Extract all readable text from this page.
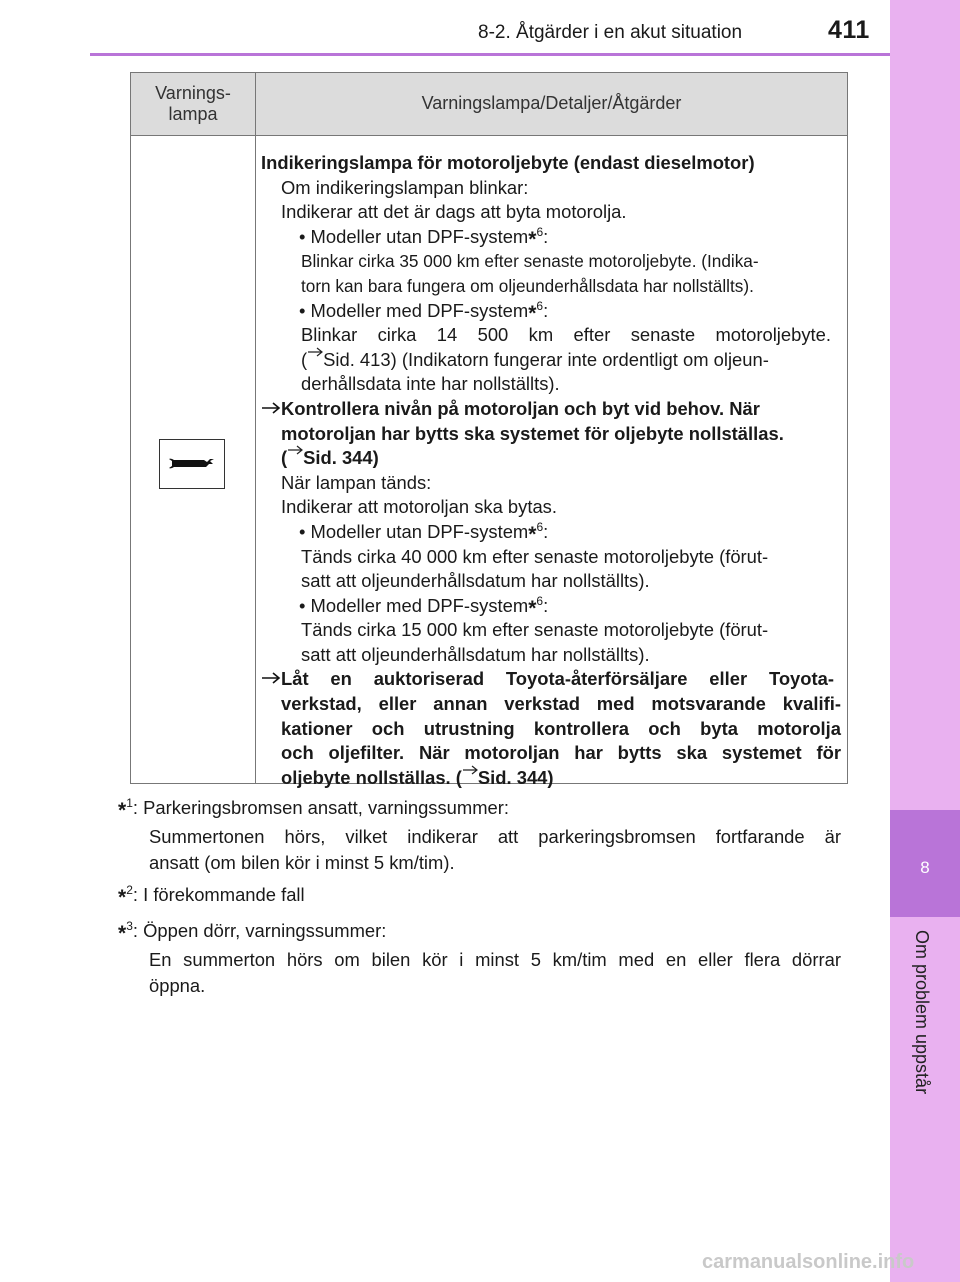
8-2. Åtgärder i en akut situation	411
8
Om problem uppstår
Varnings-
lampa
Varningslampa/Detaljer/Åtgärder
Indikeringslampa för motoroljebyte (endast dieselmotor)
Om indikeringslampan blinkar:
Indikerar att det är dags att byta motorolja.
• Modeller utan DPF-system$^{*6}$:
Blinkar cirka 35 000 km efter senaste motoroljebyte. (Indika-
torn kan bara fungera om oljeunderhållsdata har nollställts).
• Modeller med DPF-system$^{*6}$:
Blinkar cirka 14 500 km efter senaste motoroljebyte.
( Sid. 413) (Indikatorn fungerar inte ordentligt om oljeun-
derhållsdata inte har nollställts).
Kontrollera nivån på motoroljan och byt vid behov. När
motoroljan har bytts ska systemet för oljebyte nollställas.
( Sid. 344)
När lampan tänds:
Indikerar att motoroljan ska bytas.
• Modeller utan DPF-system$^{*6}$:
Tänds cirka 40 000 km efter senaste motoroljebyte (förut-
satt att oljeunderhållsdatum har nollställts).
• Modeller med DPF-system$^{*6}$:
Tänds cirka 15 000 km efter senaste motoroljebyte (förut-
satt att oljeunderhållsdatum har nollställts).
Låt en auktoriserad Toyota-återförsäljare eller Toyota-
verkstad, eller annan verkstad med motsvarande kvalifi-
kationer och utrustning kontrollera och byta motorolja
och oljefilter. När motoroljan har bytts ska systemet för
oljebyte nollställas. ( Sid. 344)
*$^1$: Parkeringsbromsen ansatt, varningssummer:
Summertonen hörs, vilket indikerar att parkeringsbromsen fortfarande är
ansatt (om bilen kör i minst 5 km/tim).
*$^2$: I förekommande fall
*$^3$: Öppen dörr, varningssummer:
En summerton hörs om bilen kör i minst 5 km/tim med en eller flera dörrar
öppna.
carmanualsonline.info
